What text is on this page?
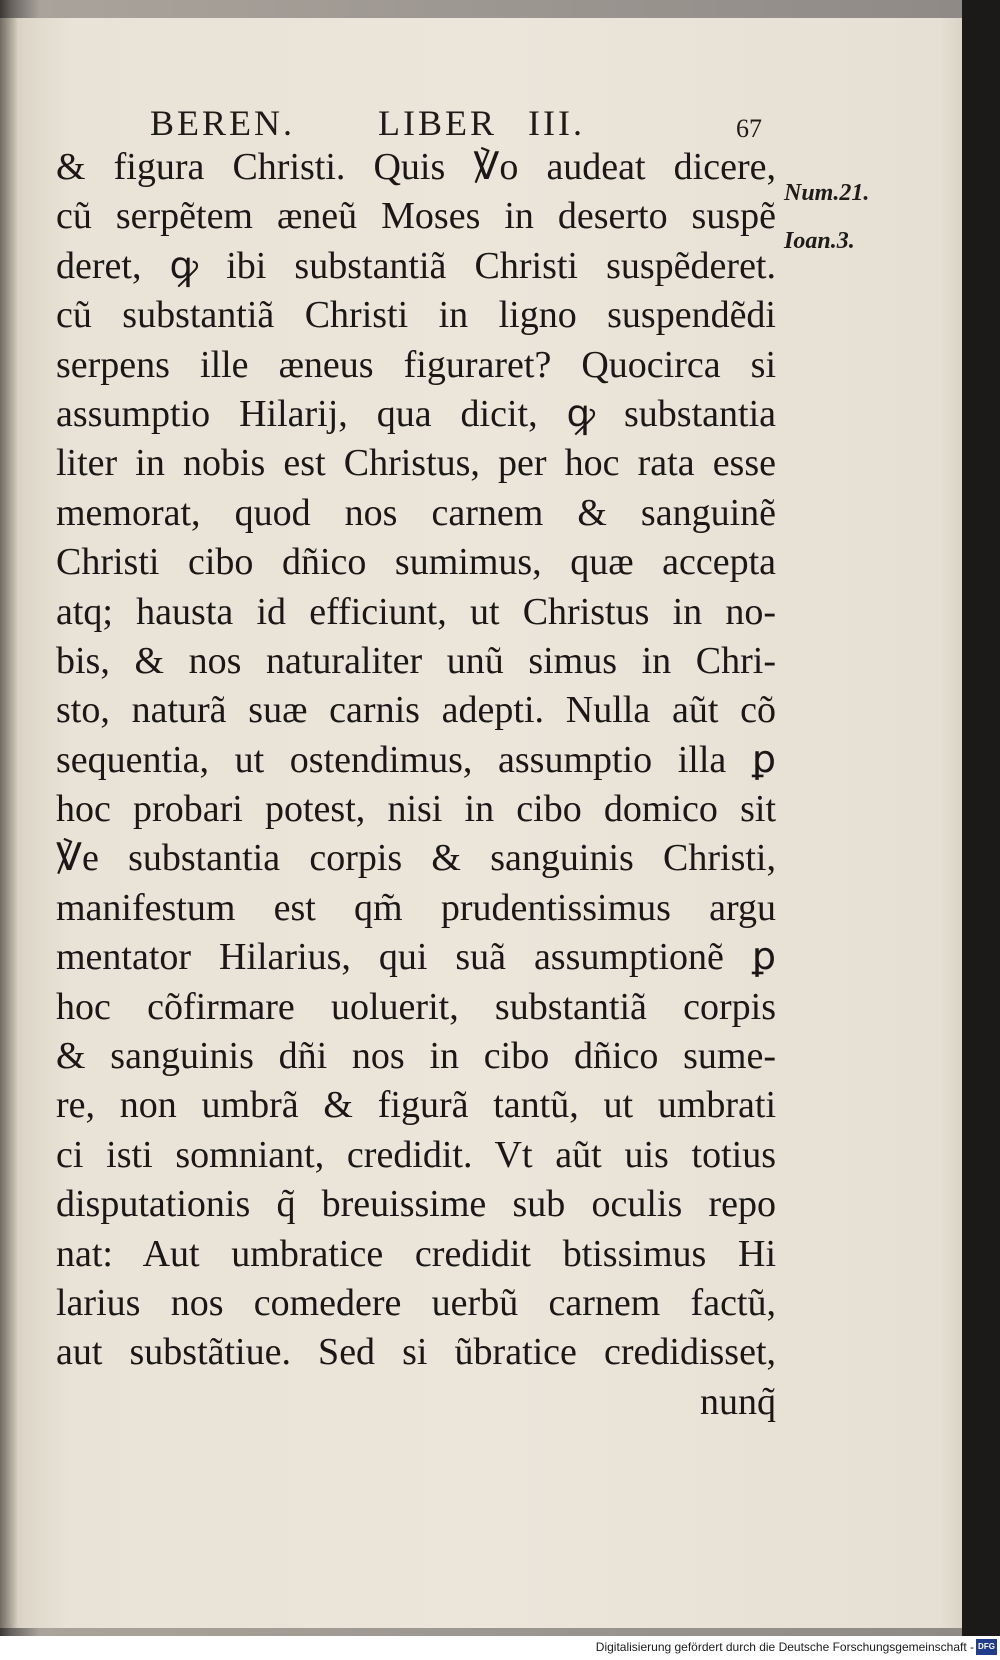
BEREN. LIBER III.	67
Num.21.
Ioan.3.
& figura Christi. Quis ℣o audeat dicere,
cũ serpẽtem æneũ Moses in deserto suspẽ
deret, ꝙ ibi substantiã Christi suspẽderet.
cũ substantiã Christi in ligno suspendẽdi
serpens ille æneus figuraret? Quocirca si
assumptio Hilarij, qua dicit, ꝙ substantia
liter in nobis est Christus, per hoc rata esse
memorat, quod nos carnem & sanguinẽ
Christi cibo dñico sumimus, quæ accepta
atq; hausta id efficiunt, ut Christus in no-
bis, & nos naturaliter unũ simus in Chri-
sto, naturã suæ carnis adepti. Nulla aũt cõ
sequentia, ut ostendimus, assumptio illa ꝑ
hoc probari potest, nisi in cibo domico sit
℣e substantia corpis & sanguinis Christi,
manifestum est qm̃ prudentissimus argu
mentator Hilarius, qui suã assumptionẽ ꝑ
hoc cõfirmare uoluerit, substantiã corpis
& sanguinis dñi nos in cibo dñico sume-
re, non umbrã & figurã tantũ, ut umbrati
ci isti somniant, credidit. Vt aũt uis totius
disputationis q̃ breuissime sub oculis repo
nat: Aut umbratice credidit btissimus Hi
larius nos comedere uerbũ carnem factũ,
aut substãtiue. Sed si ũbratice credidisset,
nunq̃
Digitalisierung gefördert durch die Deutsche Forschungsgemeinschaft - DFG
